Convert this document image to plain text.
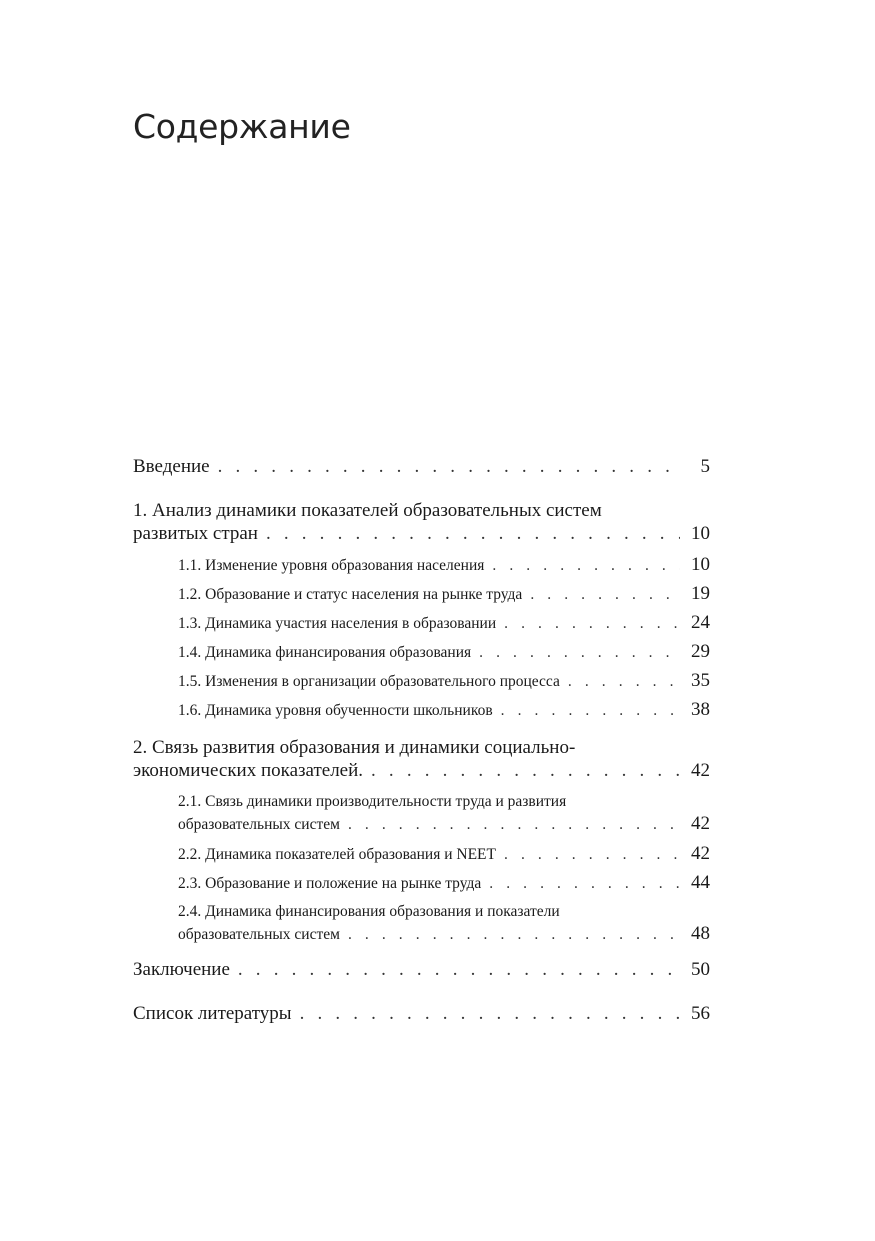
Содержание
Введение . . .	5
1. Анализ динамики показателей образовательных систем
развитых стран . . .	10
1.1. Изменение уровня образования населения . . .	10
1.2. Образование и статус населения на рынке труда . . .	19
1.3. Динамика участия населения в образовании . . .	24
1.4. Динамика финансирования образования . . .	29
1.5. Изменения в организации образовательного процесса . . .	35
1.6. Динамика уровня обученности школьников . . .	38
2. Связь развития образования и динамики социально-
экономических показателей. . . .	42
2.1. Связь динамики производительности труда и развития
образовательных систем . . .	42
2.2. Динамика показателей образования и NEET . . .	42
2.3. Образование и положение на рынке труда . . .	44
2.4. Динамика финансирования образования и показатели
образовательных систем . . .	48
Заключение . . .	50
Список литературы . . .	56
